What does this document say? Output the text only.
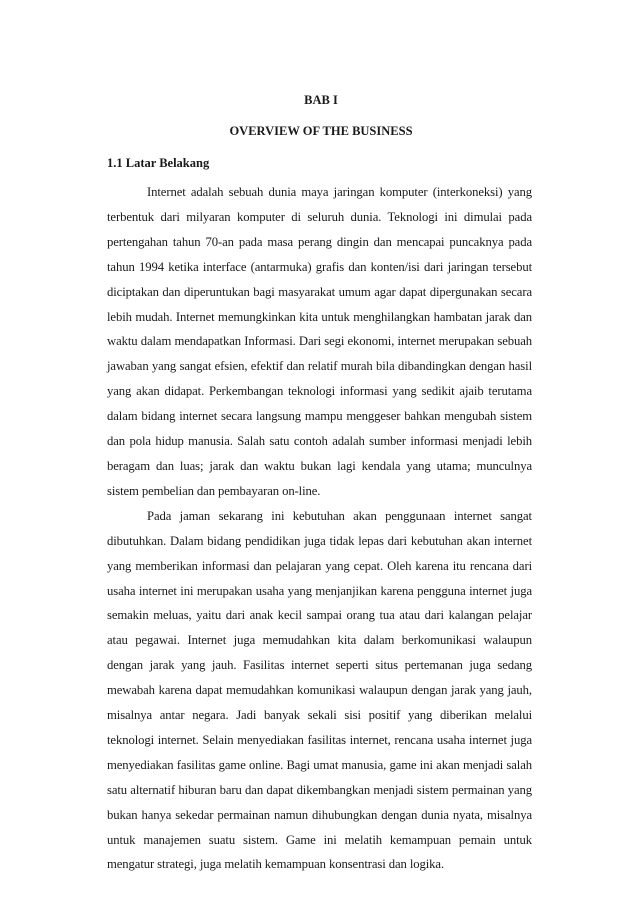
BAB I
OVERVIEW OF THE BUSINESS
1.1 Latar Belakang

Internet adalah sebuah dunia maya jaringan komputer (interkoneksi) yang terbentuk dari milyaran komputer di seluruh dunia. Teknologi ini dimulai pada pertengahan tahun 70-an pada masa perang dingin dan mencapai puncaknya pada tahun 1994 ketika interface (antarmuka) grafis dan konten/isi dari jaringan tersebut diciptakan dan diperuntukan bagi masyarakat umum agar dapat dipergunakan secara lebih mudah. Internet memungkinkan kita untuk menghilangkan hambatan jarak dan waktu dalam mendapatkan Informasi. Dari segi ekonomi, internet merupakan sebuah jawaban yang sangat efsien, efektif dan relatif murah bila dibandingkan dengan hasil yang akan didapat. Perkembangan teknologi informasi yang sedikit ajaib terutama dalam bidang internet secara langsung mampu menggeser bahkan mengubah sistem dan pola hidup manusia. Salah satu contoh adalah sumber informasi menjadi lebih beragam dan luas; jarak dan waktu bukan lagi kendala yang utama; munculnya sistem pembelian dan pembayaran on-line.

Pada jaman sekarang ini kebutuhan akan penggunaan internet sangat dibutuhkan. Dalam bidang pendidikan juga tidak lepas dari kebutuhan akan internet yang memberikan informasi dan pelajaran yang cepat. Oleh karena itu rencana dari usaha internet ini merupakan usaha yang menjanjikan karena pengguna internet juga semakin meluas, yaitu dari anak kecil sampai orang tua atau dari kalangan pelajar atau pegawai. Internet juga memudahkan kita dalam berkomunikasi walaupun dengan jarak yang jauh. Fasilitas internet seperti situs pertemanan juga sedang mewabah karena dapat memudahkan komunikasi walaupun dengan jarak yang jauh, misalnya antar negara. Jadi banyak sekali sisi positif yang diberikan melalui teknologi internet. Selain menyediakan fasilitas internet, rencana usaha internet juga menyediakan fasilitas game online. Bagi umat manusia, game ini akan menjadi salah satu alternatif hiburan baru dan dapat dikembangkan menjadi sistem permainan yang bukan hanya sekedar permainan namun dihubungkan dengan dunia nyata, misalnya untuk manajemen suatu sistem. Game ini melatih kemampuan pemain untuk mengatur strategi, juga melatih kemampuan konsentrasi dan logika.
